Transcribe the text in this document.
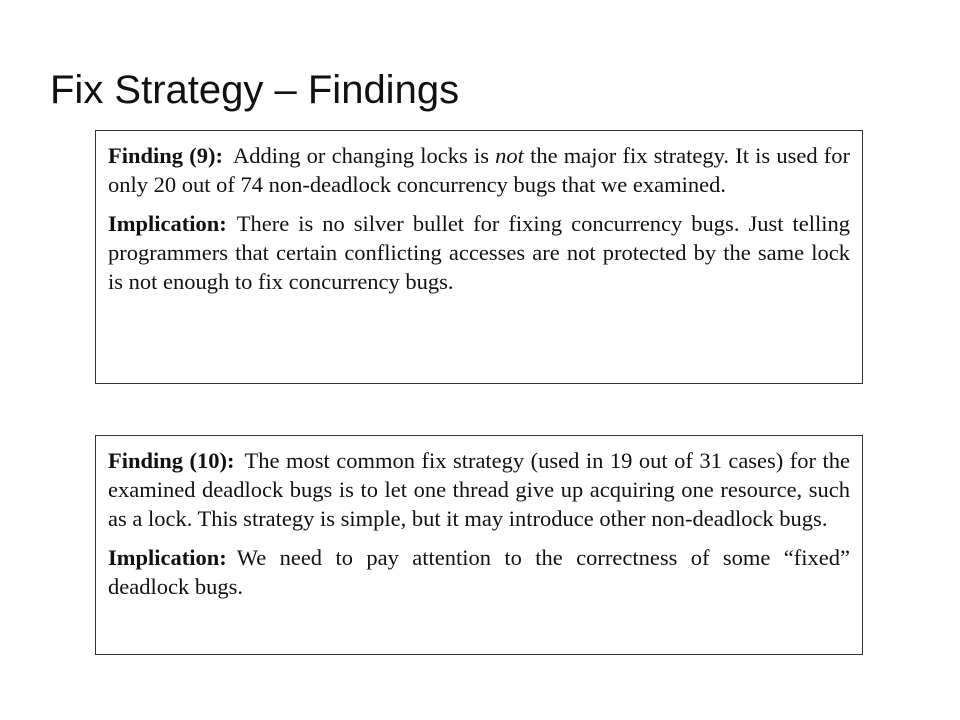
Fix Strategy – Findings

Finding (9): Adding or changing locks is not the major fix strategy. It is used for only 20 out of 74 non-deadlock concurrency bugs that we examined.

Implication: There is no silver bullet for fixing concurrency bugs. Just telling programmers that certain conflicting accesses are not protected by the same lock is not enough to fix concurrency bugs.

Finding (10): The most common fix strategy (used in 19 out of 31 cases) for the examined deadlock bugs is to let one thread give up acquiring one resource, such as a lock. This strategy is simple, but it may introduce other non-deadlock bugs.

Implication: We need to pay attention to the correctness of some “fixed” deadlock bugs.
